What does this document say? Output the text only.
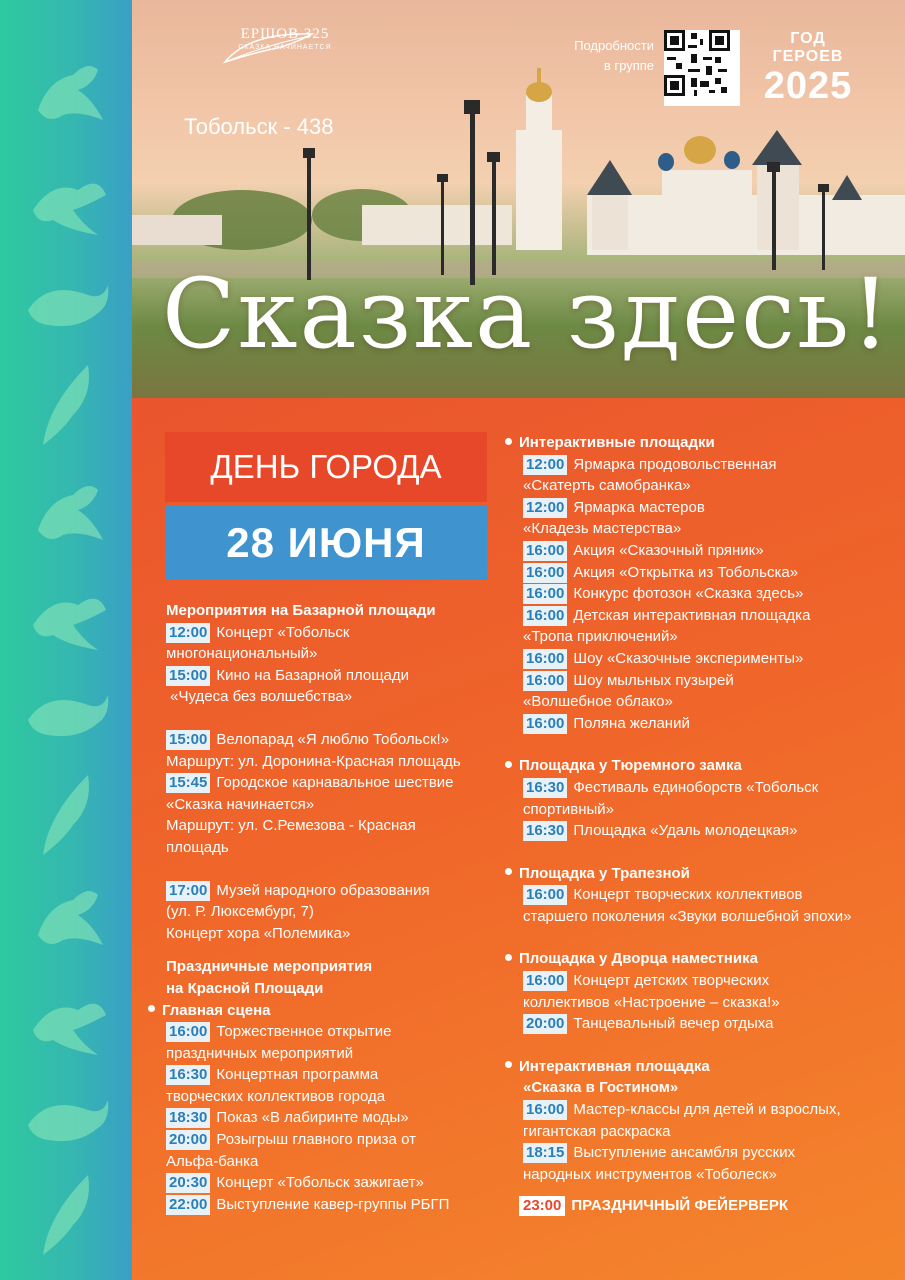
ЕРШОВ 325
СКАЗКА НАЧИНАЕТСЯ
Тобольск - 438
Подробности
в группе
ГОД ГЕРОЕВ
2025
Сказка здесь!
ДЕНЬ ГОРОДА
28 ИЮНЯ
Мероприятия на Базарной площади
12:00 Концерт «Тобольск
многонациональный»
15:00 Кино на Базарной площади
«Чудеса без волшебства»
15:00 Велопарад «Я люблю Тобольск!»
Маршрут: ул. Доронина-Красная площадь
15:45 Городское карнавальное шествие
«Сказка начинается»
Маршрут: ул. С.Ремезова - Красная
площадь
17:00 Музей народного образования
(ул. Р. Люксембург, 7)
Концерт хора «Полемика»
Праздничные мероприятия
на Красной Площади
Главная сцена
16:00 Торжественное открытие
праздничных мероприятий
16:30 Концертная программа
творческих коллективов города
18:30 Показ «В лабиринте моды»
20:00 Розыгрыш главного приза от
Альфа-банка
20:30 Концерт «Тобольск зажигает»
22:00 Выступление кавер-группы РБГП
Интерактивные площадки
12:00 Ярмарка продовольственная
«Скатерть самобранка»
12:00 Ярмарка мастеров
«Кладезь мастерства»
16:00 Акция «Сказочный пряник»
16:00 Акция «Открытка из Тобольска»
16:00 Конкурс фотозон «Сказка здесь»
16:00 Детская интерактивная площадка
«Тропа приключений»
16:00 Шоу «Сказочные эксперименты»
16:00 Шоу мыльных пузырей
«Волшебное облако»
16:00 Поляна желаний
Площадка у Тюремного замка
16:30 Фестиваль единоборств «Тобольск
спортивный»
16:30 Площадка «Удаль молодецкая»
Площадка у Трапезной
16:00 Концерт творческих коллективов
старшего поколения «Звуки волшебной эпохи»
Площадка у Дворца наместника
16:00 Концерт детских творческих
коллективов «Настроение – сказка!»
20:00 Танцевальный вечер отдыха
Интерактивная площадка
«Сказка в Гостином»
16:00 Мастер-классы для детей и взрослых,
гигантская раскраска
18:15 Выступление ансамбля русских
народных инструментов «Тоболеск»
23:00 ПРАЗДНИЧНЫЙ ФЕЙЕРВЕРК
